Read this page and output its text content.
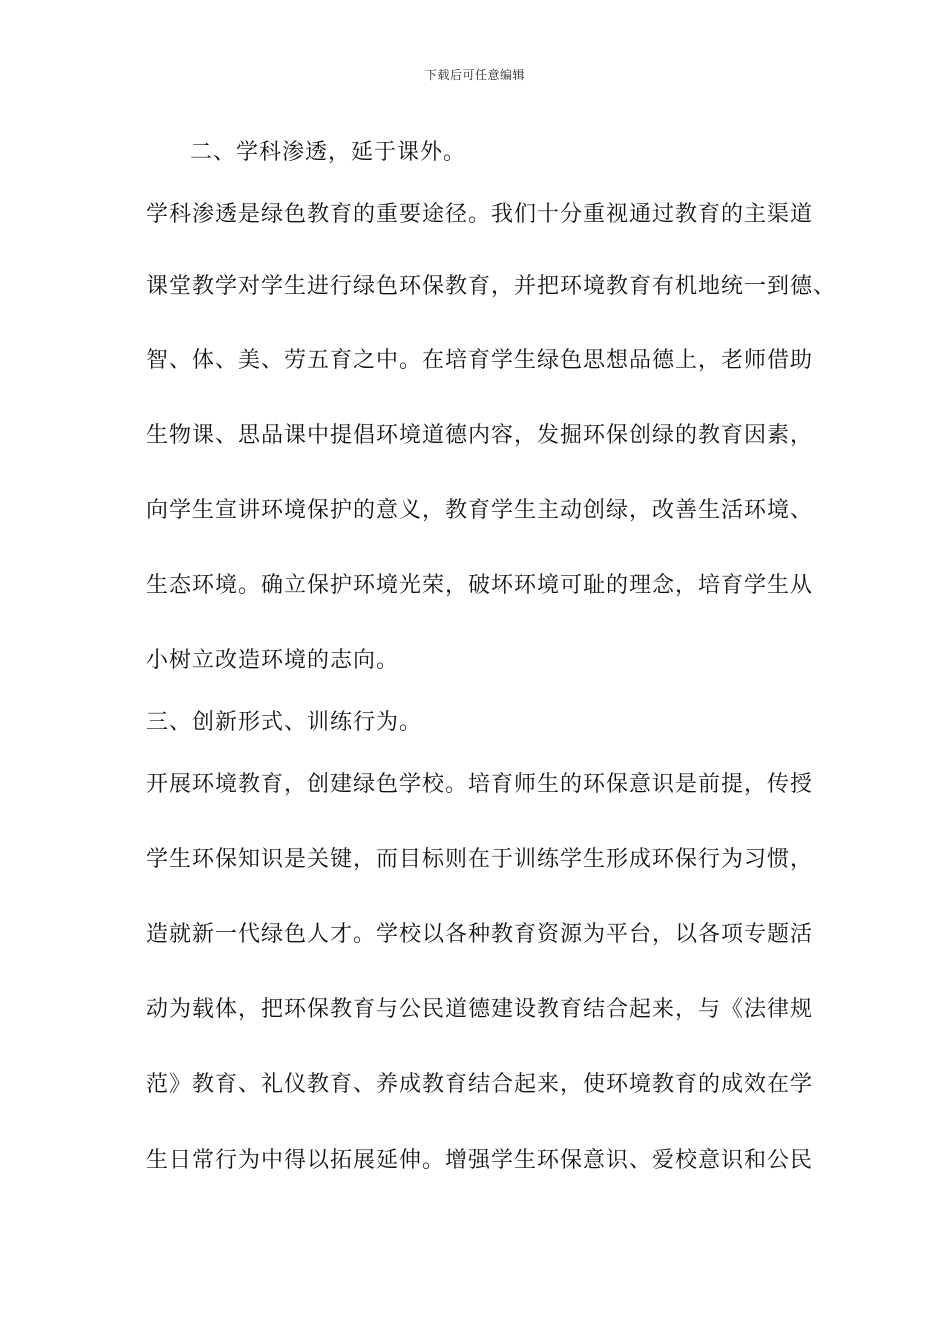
下载后可任意编辑
二、学科渗透，延于课外。
学科渗透是绿色教育的重要途径。我们十分重视通过教育的主渠道
课堂教学对学生进行绿色环保教育，并把环境教育有机地统一到德、
智、体、美、劳五育之中。在培育学生绿色思想品德上，老师借助
生物课、思品课中提倡环境道德内容，发掘环保创绿的教育因素，
向学生宣讲环境保护的意义，教育学生主动创绿，改善生活环境、
生态环境。确立保护环境光荣，破坏环境可耻的理念，培育学生从
小树立改造环境的志向。
三、创新形式、训练行为。
开展环境教育，创建绿色学校。培育师生的环保意识是前提，传授
学生环保知识是关键，而目标则在于训练学生形成环保行为习惯，
造就新一代绿色人才。学校以各种教育资源为平台，以各项专题活
动为载体，把环保教育与公民道德建设教育结合起来，与《法律规
范》教育、礼仪教育、养成教育结合起来，使环境教育的成效在学
生日常行为中得以拓展延伸。增强学生环保意识、爱校意识和公民
